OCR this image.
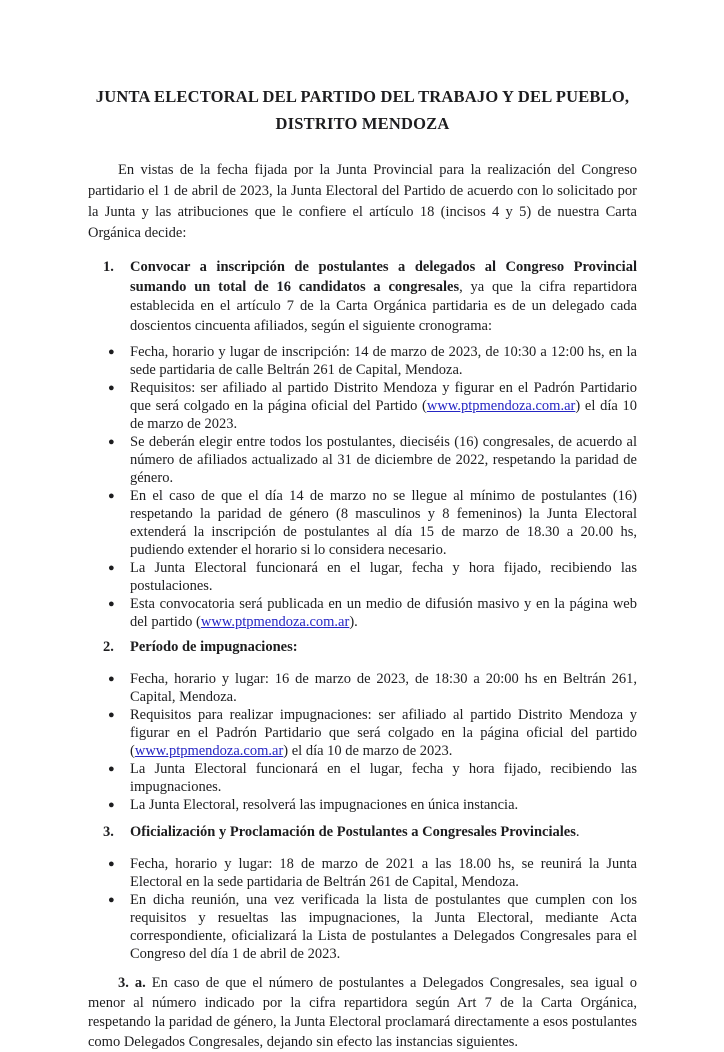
JUNTA ELECTORAL DEL PARTIDO DEL TRABAJO Y DEL PUEBLO,
DISTRITO MENDOZA

En vistas de la fecha fijada por la Junta Provincial para la realización del Congreso partidario el 1 de abril de 2023, la Junta Electoral del Partido de acuerdo con lo solicitado por la Junta y las atribuciones que le confiere el artículo 18 (incisos 4 y 5) de nuestra Carta Orgánica decide:

1.	Convocar a inscripción de postulantes a delegados al Congreso Provincial sumando un total de 16 candidatos a congresales, ya que la cifra repartidora establecida en el artículo 7 de la Carta Orgánica partidaria es de un delegado cada doscientos cincuenta afiliados, según el siguiente cronograma:

●	Fecha, horario y lugar de inscripción: 14 de marzo de 2023, de 10:30 a 12:00 hs, en la sede partidaria de calle Beltrán 261 de Capital, Mendoza.

●	Requisitos: ser afiliado al partido Distrito Mendoza y figurar en el Padrón Partidario que será colgado en la página oficial del Partido (www.ptpmendoza.com.ar) el día 10 de marzo de 2023.

●	Se deberán elegir entre todos los postulantes, dieciséis (16) congresales, de acuerdo al número de afiliados actualizado al 31 de diciembre de 2022, respetando la paridad de género.

●	En el caso de que el día 14 de marzo no se llegue al mínimo de postulantes (16) respetando la paridad de género (8 masculinos y 8 femeninos) la Junta Electoral extenderá la inscripción de postulantes al día 15 de marzo de 18.30 a 20.00 hs, pudiendo extender el horario si lo considera necesario.

●	La Junta Electoral funcionará en el lugar, fecha y hora fijado, recibiendo las postulaciones.

●	Esta convocatoria será publicada en un medio de difusión masivo y en la página web del partido (www.ptpmendoza.com.ar).

2.	Período de impugnaciones:

●	Fecha, horario y lugar: 16 de marzo de 2023, de 18:30 a 20:00 hs en Beltrán 261, Capital, Mendoza.

●	Requisitos para realizar impugnaciones: ser afiliado al partido Distrito Mendoza y figurar en el Padrón Partidario que será colgado en la página oficial del partido (www.ptpmendoza.com.ar) el día 10 de marzo de 2023.

●	La Junta Electoral funcionará en el lugar, fecha y hora fijado, recibiendo las impugnaciones.

●	La Junta Electoral, resolverá las impugnaciones en única instancia.

3.	Oficialización y Proclamación de Postulantes a Congresales Provinciales.

●	Fecha, horario y lugar: 18 de marzo de 2021 a las 18.00 hs, se reunirá la Junta Electoral en la sede partidaria de Beltrán 261 de Capital, Mendoza.

●	En dicha reunión, una vez verificada la lista de postulantes que cumplen con los requisitos y resueltas las impugnaciones, la Junta Electoral, mediante Acta correspondiente, oficializará la Lista de postulantes a Delegados Congresales para el Congreso del día 1 de abril de 2023.

3. a. En caso de que el número de postulantes a Delegados Congresales, sea igual o menor al número indicado por la cifra repartidora según Art 7 de la Carta Orgánica, respetando la paridad de género, la Junta Electoral proclamará directamente a esos postulantes como Delegados Congresales, dejando sin efecto las instancias siguientes.
